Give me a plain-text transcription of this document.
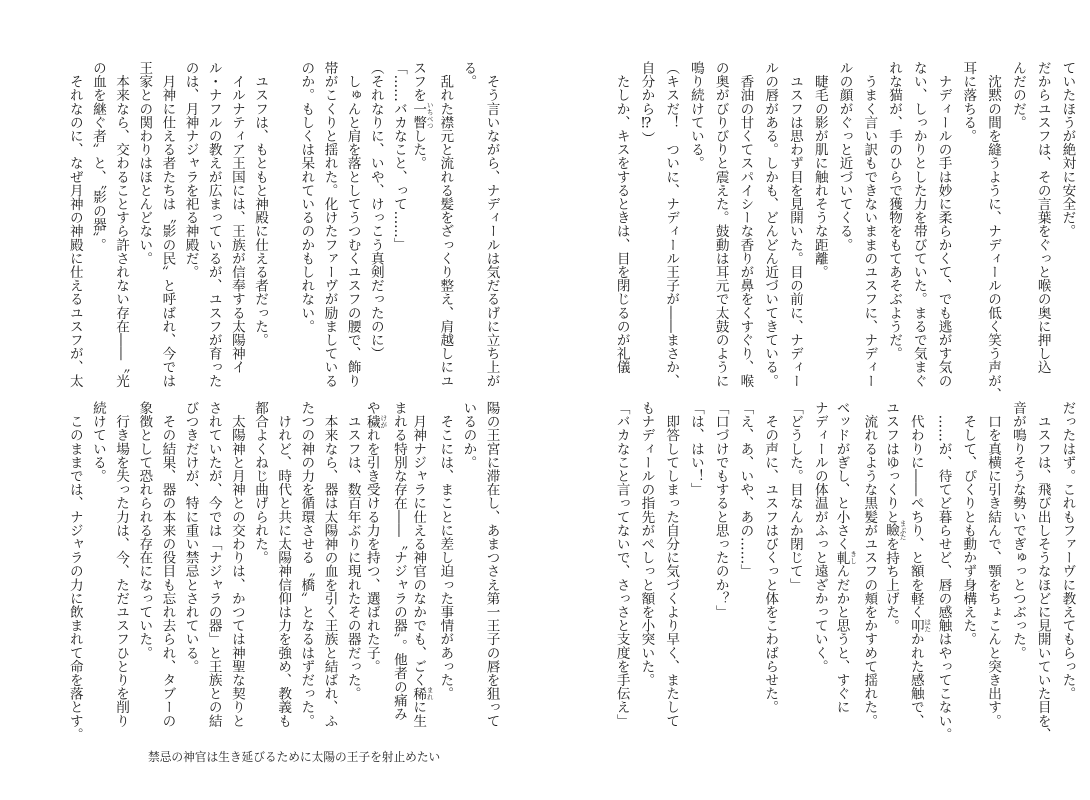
ていたほうが絶対に安全だ。
だからユスフは、その言葉をぐっと喉の奥に押し込
んだのだ。
　沈黙の間を縫うように、ナディールの低く笑う声が、
耳に落ちる。
　ナディールの手は妙に柔らかくて、でも逃がす気の
ない、しっかりとした力を帯びていた。まるで気まぐ
れな猫が、手のひらで獲物をもてあそぶようだ。
　うまく言い訳もできないままのユスフに、ナディー
ルの顔がぐっと近づいてくる。
　睫毛の影が肌に触れそうな距離。
　ユスフは思わず目を見開いた。目の前に、ナディー
ルの唇がある。しかも、どんどん近づいてきている。
　香油の甘くてスパイシーな香りが鼻をくすぐり、喉
の奥がびりびりと震えた。鼓動は耳元で太鼓のように
鳴り続けている。
（キスだ！　ついに、ナディール王子が――まさか、
自分から⁉）
　たしか、キスをするときは、目を閉じるのが礼儀
だったはず。これもファーヴに教えてもらった。
　ユスフは、飛び出しそうなほどに見開いていた目を、
音が鳴りそうな勢いでぎゅっとつぶった。
　口を真横に引き結んで、顎をちょこんと突き出す。
　そして、ぴくりとも動かず身構えた。
　……が、待てど暮らせど、唇の感触はやってこない。
　代わりに――ぺちり、と額を軽く叩 はたかれた感触で、
ユスフはゆっくりと瞼 まぶたを持ち上げた。
　流れるような黒髪がユスフの頬をかすめて揺れた。
ベッドがぎし、と小さく軋 きしんだかと思うと、すぐに
ナディールの体温がふっと遠ざかっていく。
「どうした。目なんか閉じて」
　その声に、ユスフはびくっと体をこわばらせた。
「え、あ、いや、あの……」
「口づけでもすると思ったのか？」
「は、はい！」
　即答してしまった自分に気づくより早く、またして
もナディールの指先がぺしっと額を小突いた。
「バカなこと言ってないで、さっさと支度を手伝え」
　そう言いながら、ナディールは気だるげに立ち上が
る。
　乱れた襟元と流れる髪をざっくり整え、肩越しにユ
スフを一瞥 いちべつした。
「……バカなこと、って……」
（それなりに、いや、けっこう真剣だったのに）
　しゅんと肩を落としてうつむくユスフの腰で、飾り
帯がこくりと揺れた。化けたファーヴが励ましている
のか。もしくは呆れているのかもしれない。
　ユスフは、もともと神殿に仕える者だった。
　イルナティア王国には、王族が信奉する太陽神イ
ル・ナフルの教えが広まっているが、ユスフが育った
のは、月神ナジャラを祀る神殿だ。
　月神に仕える者たちは〝影の民〟と呼ばれ、今では
王家との関わりはほとんどない。
　本来なら、交わることすら許されない存在――〝光
の血を継ぐ者〟と、〝影の器〟。
　それなのに、なぜ月神の神殿に仕えるユスフが、太
陽の王宮に滞在し、あまつさえ第一王子の唇を狙って
いるのか。
　そこには、まことに差し迫った事情があった。
　月神ナジャラに仕える神官のなかでも、ごく稀 まれに生
まれる特別な存在――〝ナジャラの器〟。他者の痛み
や穢 けがれを引き受ける力を持つ、選ばれた子。
　ユスフは、数百年ぶりに現れたその器だった。
　本来なら、器は太陽神の血を引く王族と結ばれ、ふ
たつの神の力を循環させる〝橋〟となるはずだった。
　けれど、時代と共に太陽神信仰は力を強め、教義も
都合よくねじ曲げられた。
　太陽神と月神との交わりは、かつては神聖な契りと
されていたが、今では「ナジャラの器」と王族との結
びつきだけが、特に重い禁忌とされている。
　その結果、器の本来の役目も忘れ去られ、タブーの
象徴として恐れられる存在になっていた。
　行き場を失った力は、今、ただユスフひとりを削り
続けている。
　このままでは、ナジャラの力に飲まれて命を落とす。
禁忌の神官は生き延びるために太陽の王子を射止めたい
